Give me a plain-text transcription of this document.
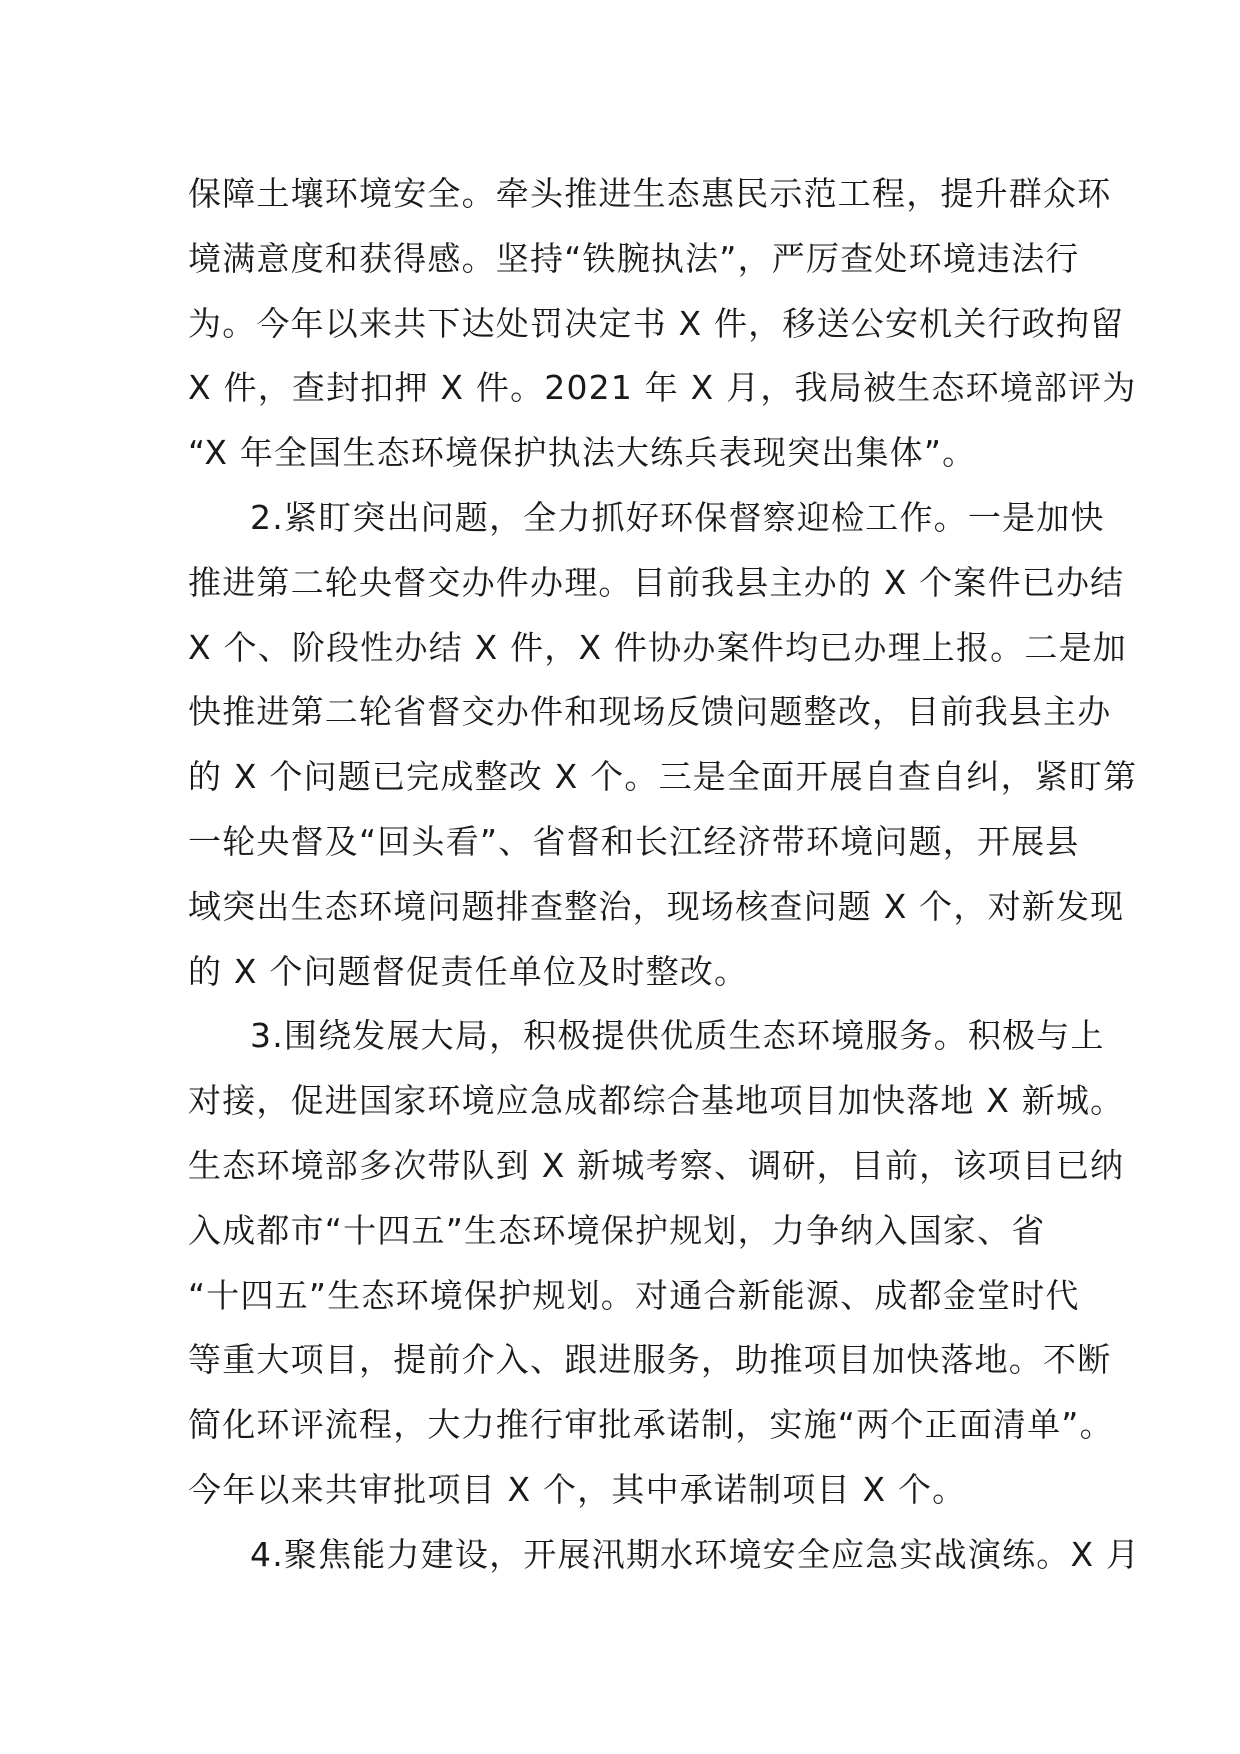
保障土壤环境安全。牵头推进生态惠民示范工程，提升群众环
境满意度和获得感。坚持“铁腕执法”，严厉查处环境违法行
为。今年以来共下达处罚决定书 X 件，移送公安机关行政拘留
X 件，查封扣押 X 件。2021 年 X 月，我局被生态环境部评为
“X 年全国生态环境保护执法大练兵表现突出集体”。
2.紧盯突出问题，全力抓好环保督察迎检工作。一是加快
推进第二轮央督交办件办理。目前我县主办的 X 个案件已办结
X 个、阶段性办结 X 件，X 件协办案件均已办理上报。二是加
快推进第二轮省督交办件和现场反馈问题整改，目前我县主办
的 X 个问题已完成整改 X 个。三是全面开展自查自纠，紧盯第
一轮央督及“回头看”、省督和长江经济带环境问题，开展县
域突出生态环境问题排查整治，现场核查问题 X 个，对新发现
的 X 个问题督促责任单位及时整改。
3.围绕发展大局，积极提供优质生态环境服务。积极与上
对接，促进国家环境应急成都综合基地项目加快落地 X 新城。
生态环境部多次带队到 X 新城考察、调研，目前，该项目已纳
入成都市“十四五”生态环境保护规划，力争纳入国家、省
“十四五”生态环境保护规划。对通合新能源、成都金堂时代
等重大项目，提前介入、跟进服务，助推项目加快落地。不断
简化环评流程，大力推行审批承诺制，实施“两个正面清单”。
今年以来共审批项目 X 个，其中承诺制项目 X 个。
4.聚焦能力建设，开展汛期水环境安全应急实战演练。X 月
